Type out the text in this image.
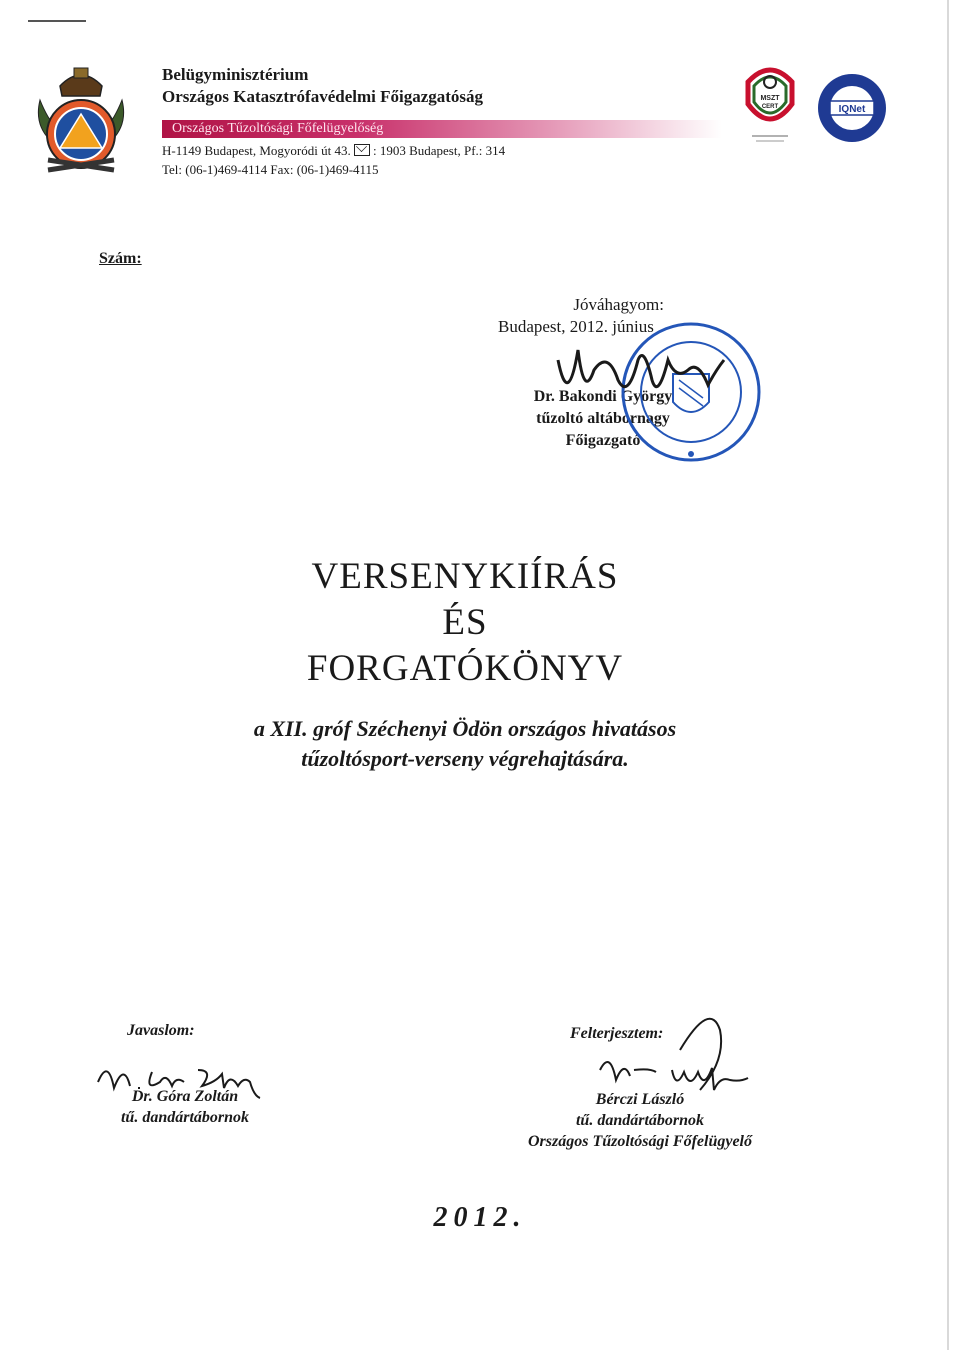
Belügyminisztérium
Országos Katasztrófavédelmi Főigazgatóság
Országos Tűzoltósági Főfelügyelőség
H-1149 Budapest, Mogyoródi út 43. : 1903 Budapest, Pf.: 314
Tel: (06-1)469-4114 Fax: (06-1)469-4115
MSZT
CERT	IQNet
Szám:
Jóváhagyom:
Budapest, 2012. június
Dr. Bakondi György
tűzoltó altábornagy
Főigazgató
VERSENYKIÍRÁS
ÉS
FORGATÓKÖNYV
a XII. gróf Széchenyi Ödön országos hivatásos
tűzoltósport-verseny végrehajtására.
Javaslom:
Dr. Góra Zoltán
tű. dandártábornok
Felterjesztem:
Bérczi László
tű. dandártábornok
Országos Tűzoltósági Főfelügyelő
2012.
